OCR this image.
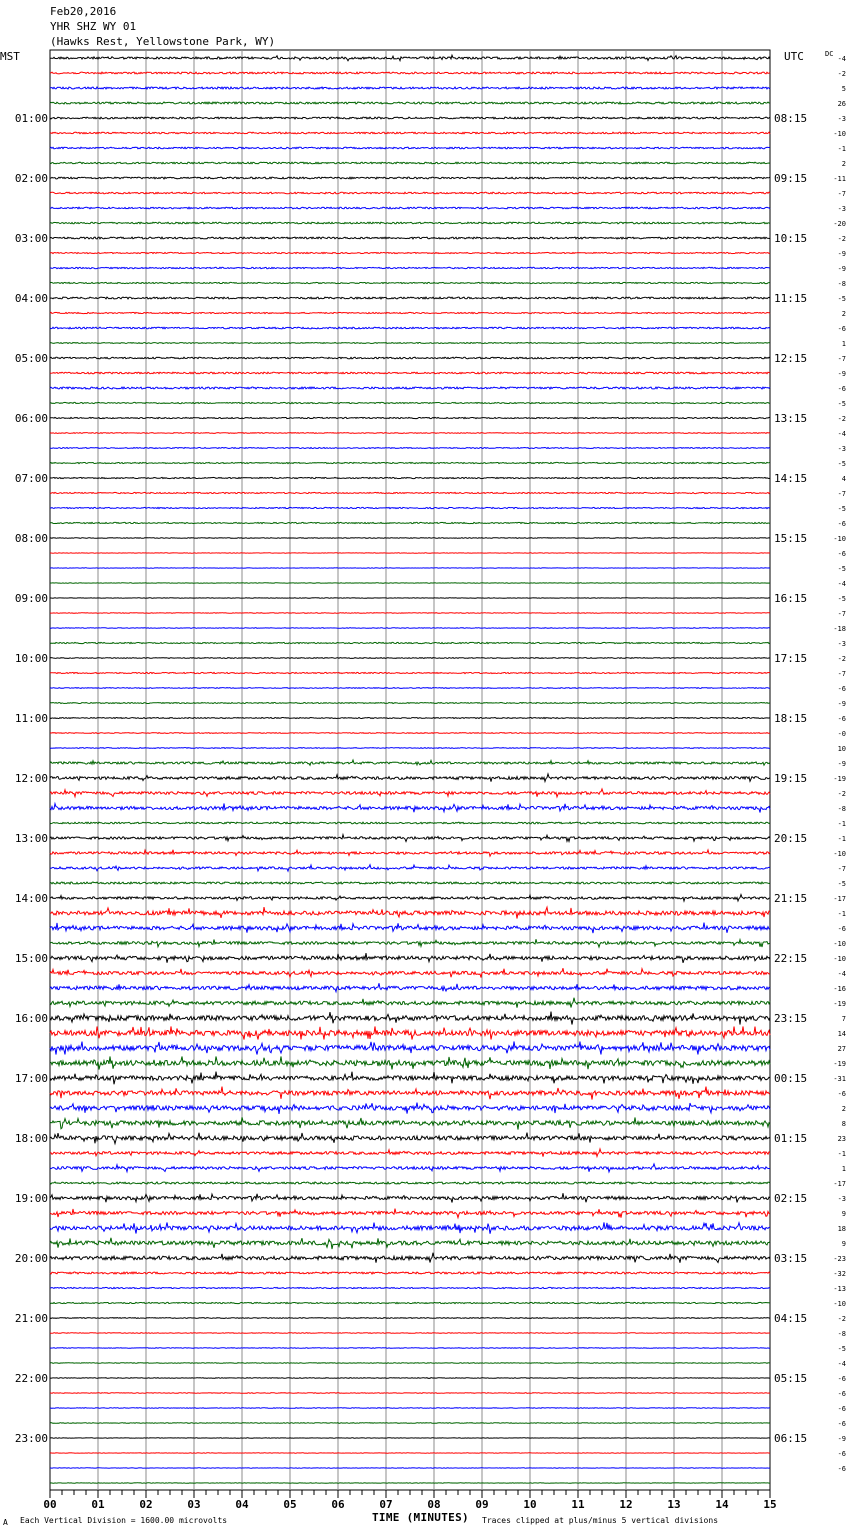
Feb20,2016
YHR SHZ WY 01
(Hawks Rest, Yellowstone Park, WY)
MST	UTC
00	01	02	03	04	05	06	07	08	09	10	11	12	13	14	15
01:00
02:00
03:00
04:00
05:00
06:00
07:00
08:00
09:00
10:00
11:00
12:00
13:00
14:00
15:00
16:00
17:00
18:00
19:00
20:00
21:00
22:00
23:00
08:15
09:15
10:15
11:15
12:15
13:15
14:15
15:15
16:15
17:15
18:15
19:15
20:15
21:15
22:15
23:15
00:15
01:15
02:15
03:15
04:15
05:15
06:15
DC
-4
-2
5
26
-3
-10
-1
2
-11
-7
-3
-20
-2
-9
-9
-8
-5
2
-6
1
-7
-9
-6
-5
-2
-4
-3
-5
4
-7
-5
-6
-10
-6
-5
-4
-5
-7
-18
-3
-2
-7
-6
-9
-6
-0
10
-9
-19
-2
-8
-1
-1
-10
-7
-5
-17
-1
-6
-10
-10
-4
-16
-19
7
14
27
-19
-31
-6
2
8
23
-1
1
-17
-3
9
18
9
-23
-32
-13
-10
-2
-8
-5
-4
-6
-6
-6
-6
-9
-6
-6
TIME (MINUTES)
A Each Vertical Division = 1600.00 microvolts	Traces clipped at plus/minus 5 vertical divisions
